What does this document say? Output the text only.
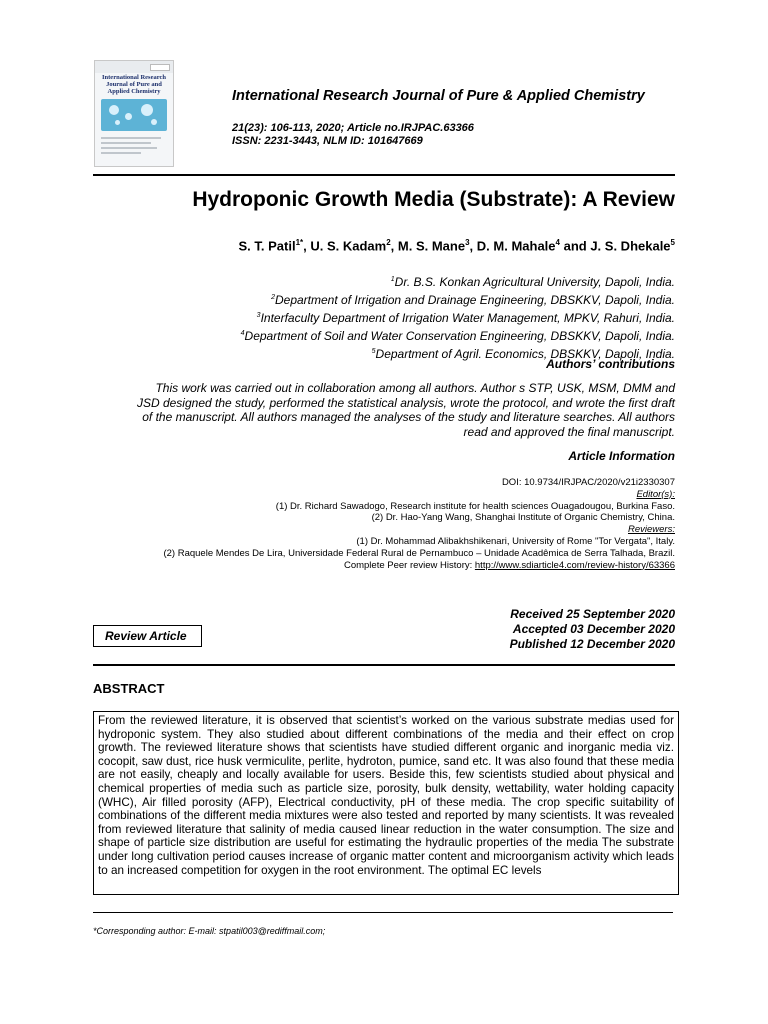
International Research
Journal of Pure and
Applied Chemistry	International Research Journal of Pure & Applied Chemistry
21(23): 106-113, 2020; Article no.IRJPAC.63366
ISSN: 2231-3443, NLM ID: 101647669
Hydroponic Growth Media (Substrate): A Review
S. T. Patil$^{1*}$, U. S. Kadam$^2$, M. S. Mane$^3$, D. M. Mahale$^4$ and J. S. Dhekale$^5$
$^1$Dr. B.S. Konkan Agricultural University, Dapoli, India.
$^2$Department of Irrigation and Drainage Engineering, DBSKKV, Dapoli, India.
$^3$Interfaculty Department of Irrigation Water Management, MPKV, Rahuri, India.
$^4$Department of Soil and Water Conservation Engineering, DBSKKV, Dapoli, India.
$^5$Department of Agril. Economics, DBSKKV, Dapoli, India.
Authors’ contributions
This work was carried out in collaboration among all authors. Author s STP, USK, MSM, DMM and
JSD designed the study, performed the statistical analysis, wrote the protocol, and wrote the first draft
of the manuscript. All authors managed the analyses of the study and literature searches. All authors
read and approved the final manuscript.
Article Information
DOI: 10.9734/IRJPAC/2020/v21i2330307
Editor(s):
(1) Dr. Richard Sawadogo, Research institute for health sciences Ouagadougou, Burkina Faso.
(2) Dr. Hao-Yang Wang, Shanghai Institute of Organic Chemistry, China.
Reviewers:
(1) Dr. Mohammad Alibakhshikenari, University of Rome "Tor Vergata", Italy.
(2) Raquele Mendes De Lira, Universidade Federal Rural de Pernambuco – Unidade Acadêmica de Serra Talhada, Brazil.
Complete Peer review History: http://www.sdiarticle4.com/review-history/63366
Review Article
Received 25 September 2020
Accepted 03 December 2020
Published 12 December 2020
ABSTRACT
From the reviewed literature, it is observed that scientist’s worked on the various substrate medias used for hydroponic system. They also studied about different combinations of the media and their effect on crop growth. The reviewed literature shows that scientists have studied different organic and inorganic media viz. cocopit, saw dust, rice husk vermiculite, perlite, hydroton, pumice, sand etc. It was also found that these media are not easily, cheaply and locally available for users. Beside this, few scientists studied about physical and chemical properties of media such as particle size, porosity, bulk density, wettability, water holding capacity (WHC), Air filled porosity (AFP), Electrical conductivity, pH of these media. The crop specific suitability of combinations of the different media mixtures were also tested and reported by many scientists. It was revealed from reviewed literature that salinity of media caused linear reduction in the water consumption. The size and shape of particle size distribution are useful for estimating the hydraulic properties of the media The substrate under long cultivation period causes increase of organic matter content and microorganism activity which leads to an increased competition for oxygen in the root environment. The optimal EC levels
*Corresponding author: E-mail: stpatil003@rediffmail.com;
